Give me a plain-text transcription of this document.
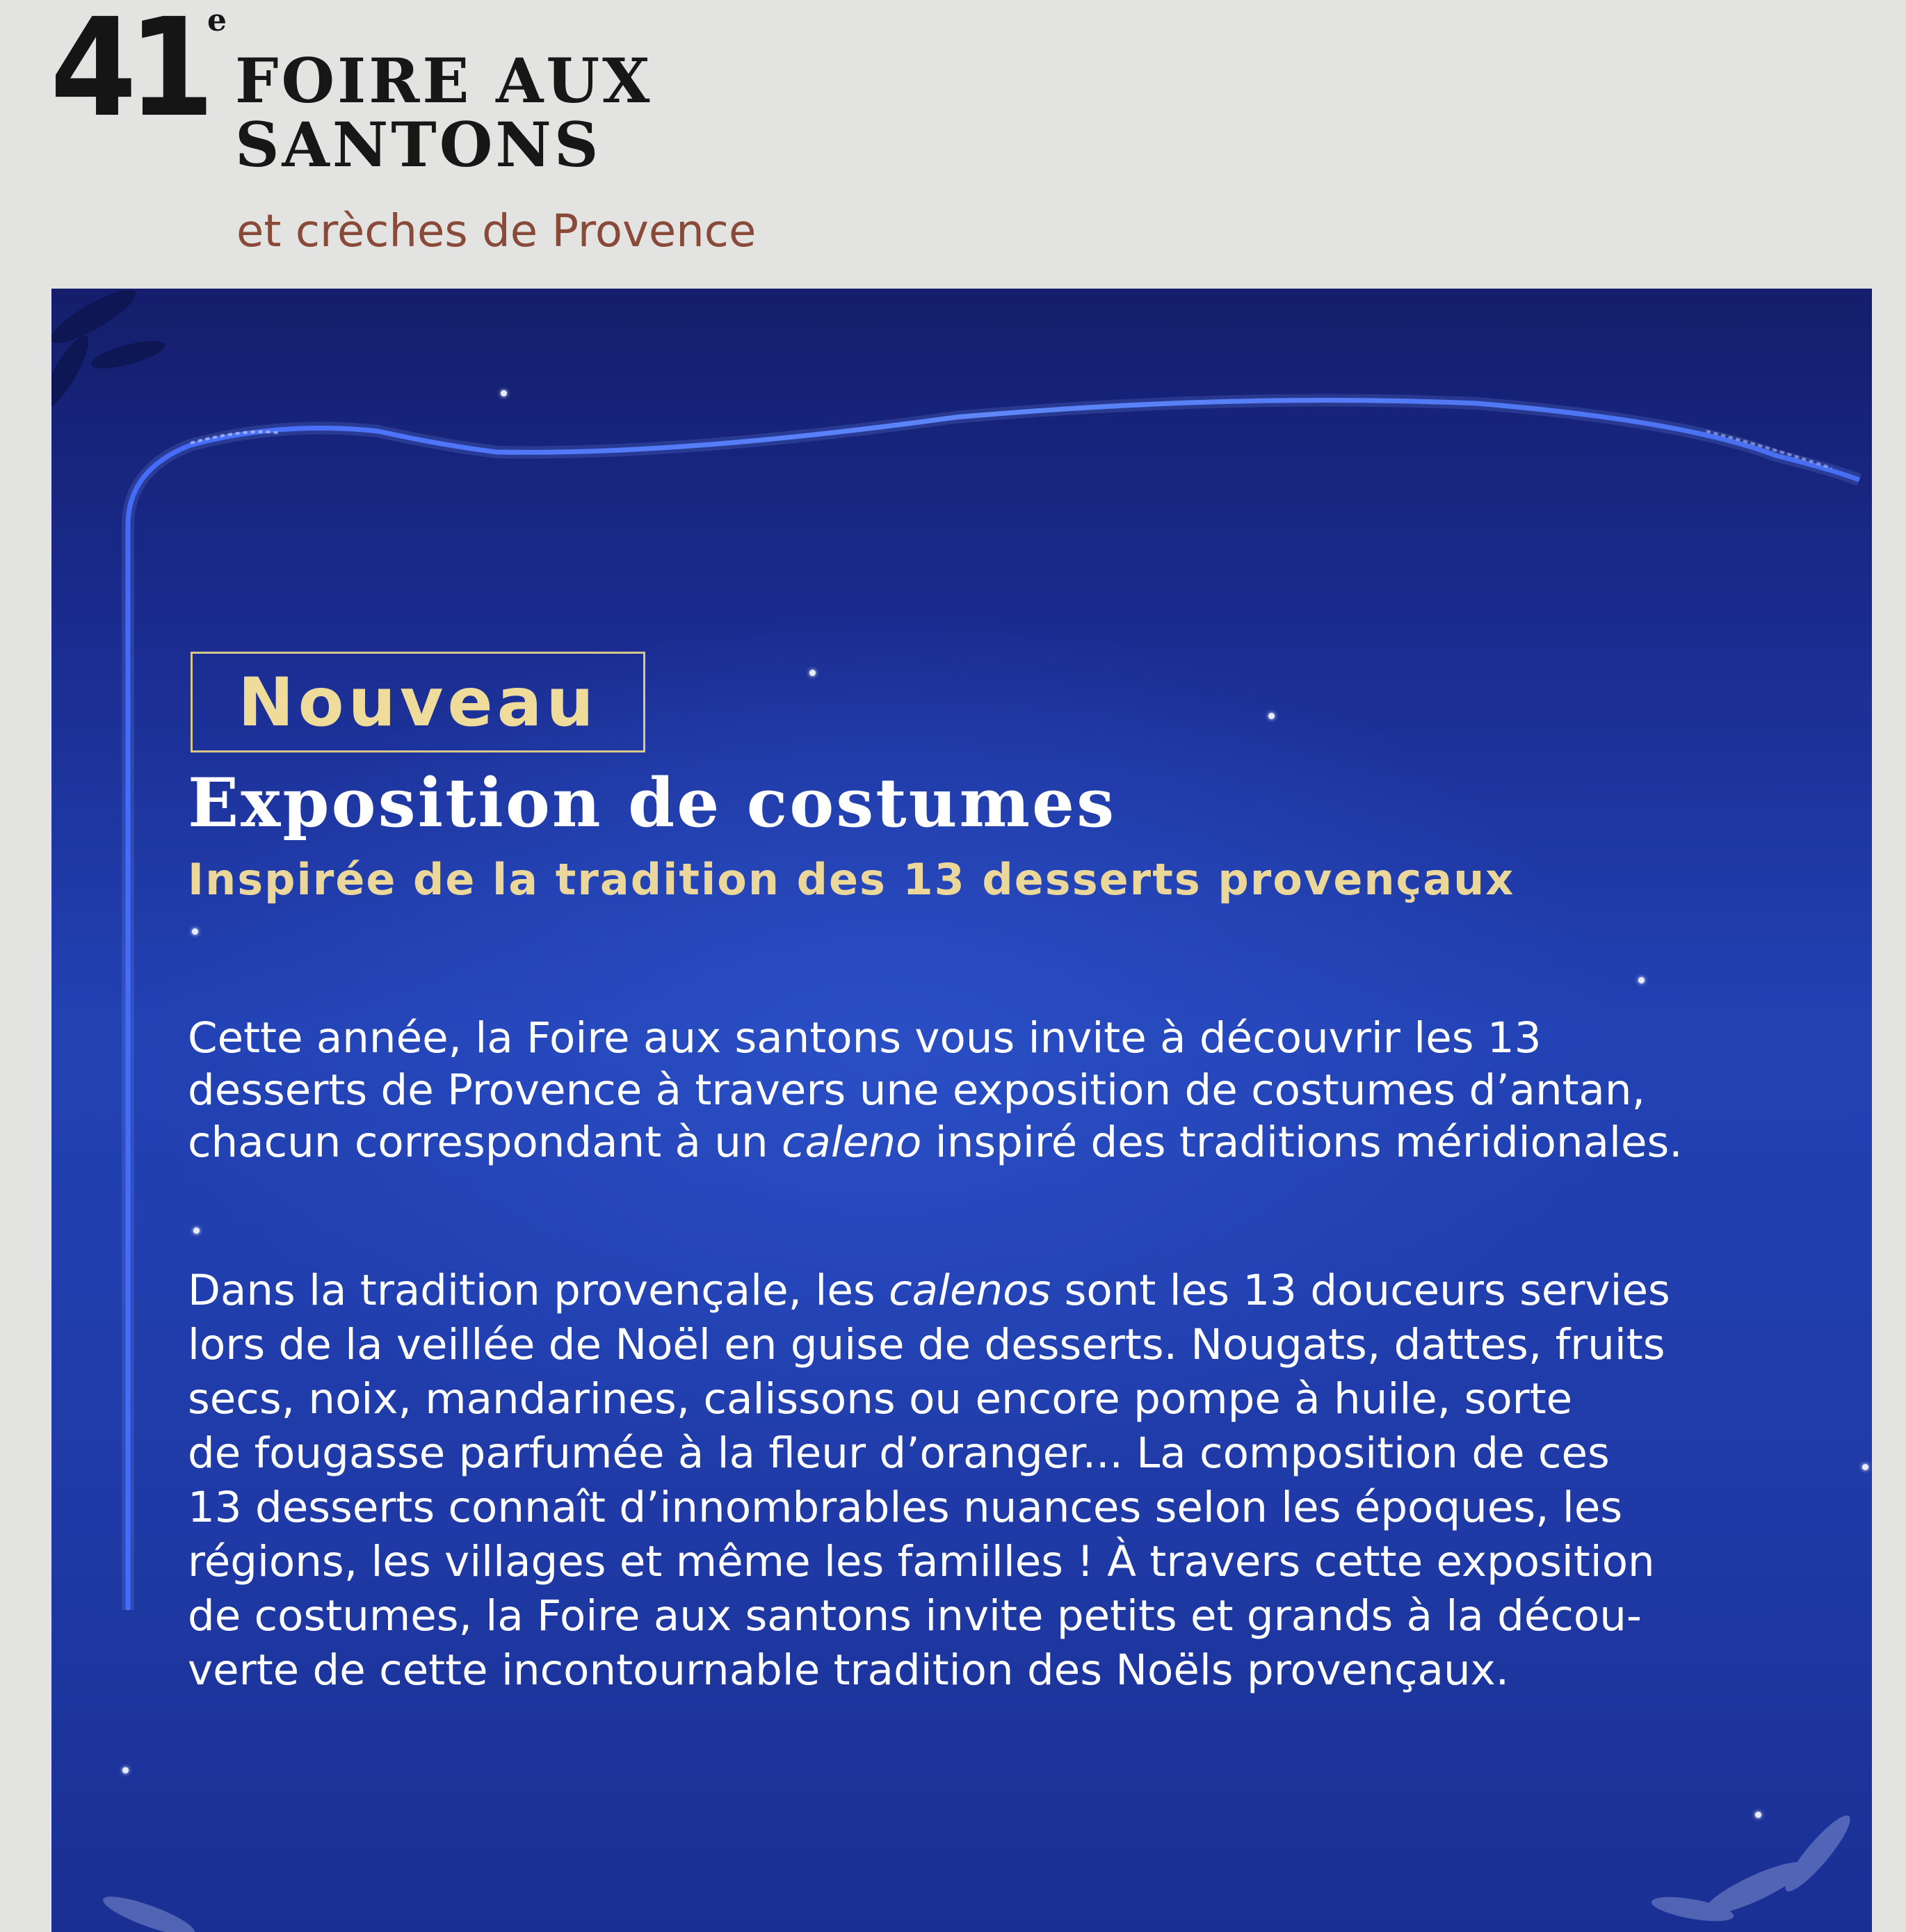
41 e
FOIRE AUX
SANTONS
et crèches de Provence
Nouveau
Exposition de costumes
Inspirée de la tradition des 13 desserts provençaux
Cette année, la Foire aux santons vous invite à découvrir les 13
desserts de Provence à travers une exposition de costumes d’antan,
chacun correspondant à un caleno inspiré des traditions méridionales.
Dans la tradition provençale, les calenos sont les 13 douceurs servies
lors de la veillée de Noël en guise de desserts. Nougats, dattes, fruits
secs, noix, mandarines, calissons ou encore pompe à huile, sorte
de fougasse parfumée à la fleur d’oranger... La composition de ces
13 desserts connaît d’innombrables nuances selon les époques, les
régions, les villages et même les familles ! À travers cette exposition
de costumes, la Foire aux santons invite petits et grands à la décou-
verte de cette incontournable tradition des Noëls provençaux.
